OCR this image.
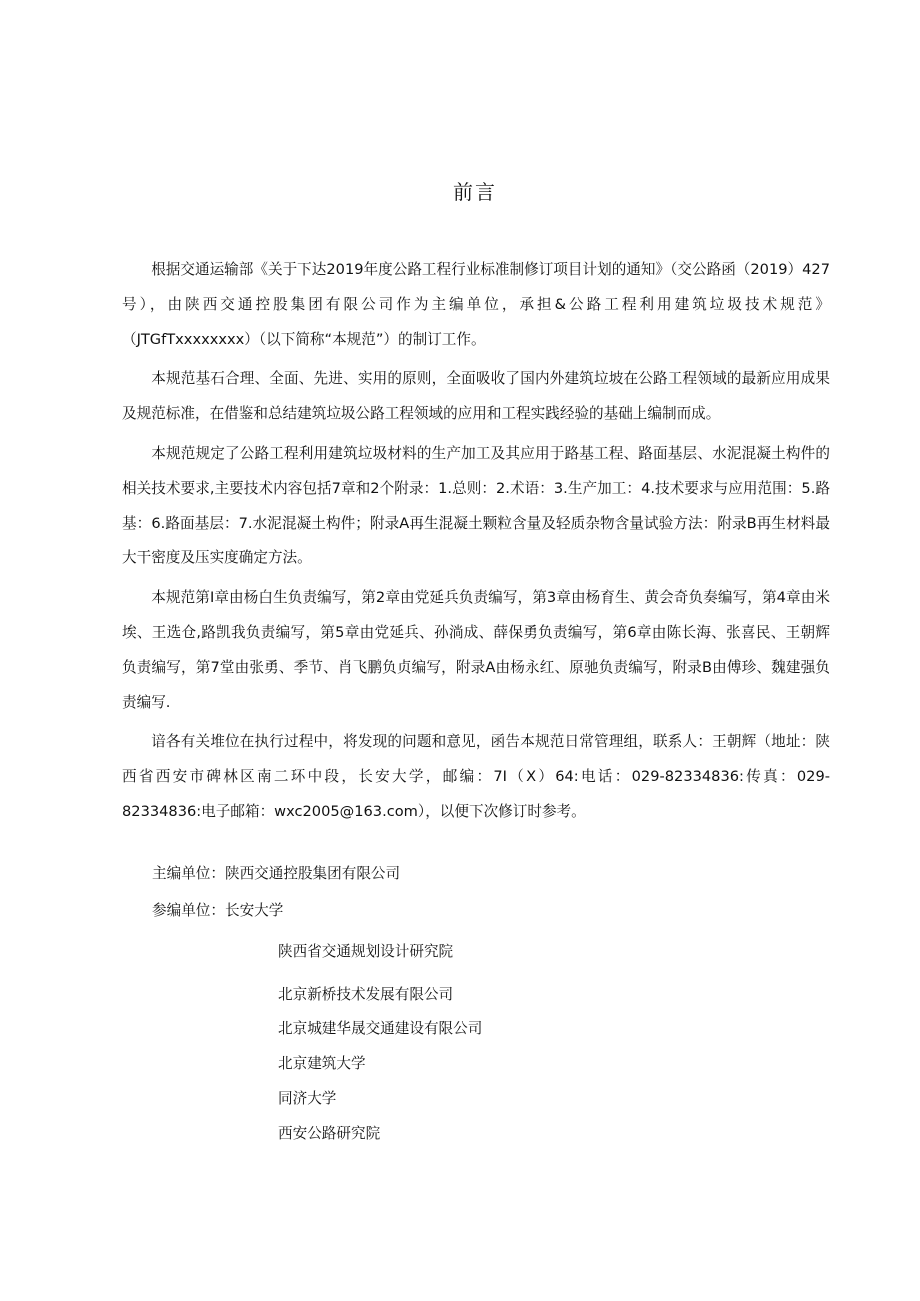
前言

根据交通运输部《关于下达2019年度公路工程行业标准制修订项目计划的通知》（交公路函（2019）427号），由陕西交通控股集团有限公司作为主编单位，承担&公路工程利用建筑垃圾技术规范》（JTGfTxxxxxxxx）（以下简称“本规范”）的制订工作。

本规范基石合理、全面、先进、实用的原则，全面吸收了国内外建筑垃坡在公路工程领域的最新应用成果及规范标准，在借鉴和总结建筑垃圾公路工程领域的应用和工程实践经验的基础上编制而成。

本规范规定了公路工程利用建筑垃圾材料的生产加工及其应用于路基工程、路面基层、水泥混凝土构件的相关技术要求,主要技术内容包括7章和2个附录：1.总则：2.术语：3.生产加工：4.技术要求与应用范围：5.路基：6.路面基层：7.水泥混凝土构件；附录A再生混凝土颗粒含量及轻质杂物含量试验方法：附录B再生材料最大干密度及压实度确定方法。

本规范第I章由杨白生负责编写，第2章由党延兵负责编写，第3章由杨育生、黄会奇负奏编写，第4章由米埃、王选仓,路凯我负责编写，第5章由党延兵、孙淌成、薛保勇负责编写，第6章由陈长海、张喜民、王朝辉负责编写，第7堂由张勇、季节、肖飞鹏负贞编写，附录A由杨永红、原驰负责编写，附录B由傅珍、魏建强负责编写.

谙各有关堆位在执行过程中，将发现的问题和意见，函告本规范日常管理组，联系人：王朝辉（地址：陕西省西安市碑林区南二环中段，长安大学，邮编：7I（X）64:电话：029-82334836:传真：029-82334836:电子邮箱：wxc2005@163.com），以便下次修订时参考。

主编单位：陕西交通控股集团有限公司
参编单位：长安大学
陕西省交通规划设计研究院
北京新桥技术发展有限公司
北京城建华晟交通建设有限公司
北京建筑大学
同济大学
西安公路研究院
